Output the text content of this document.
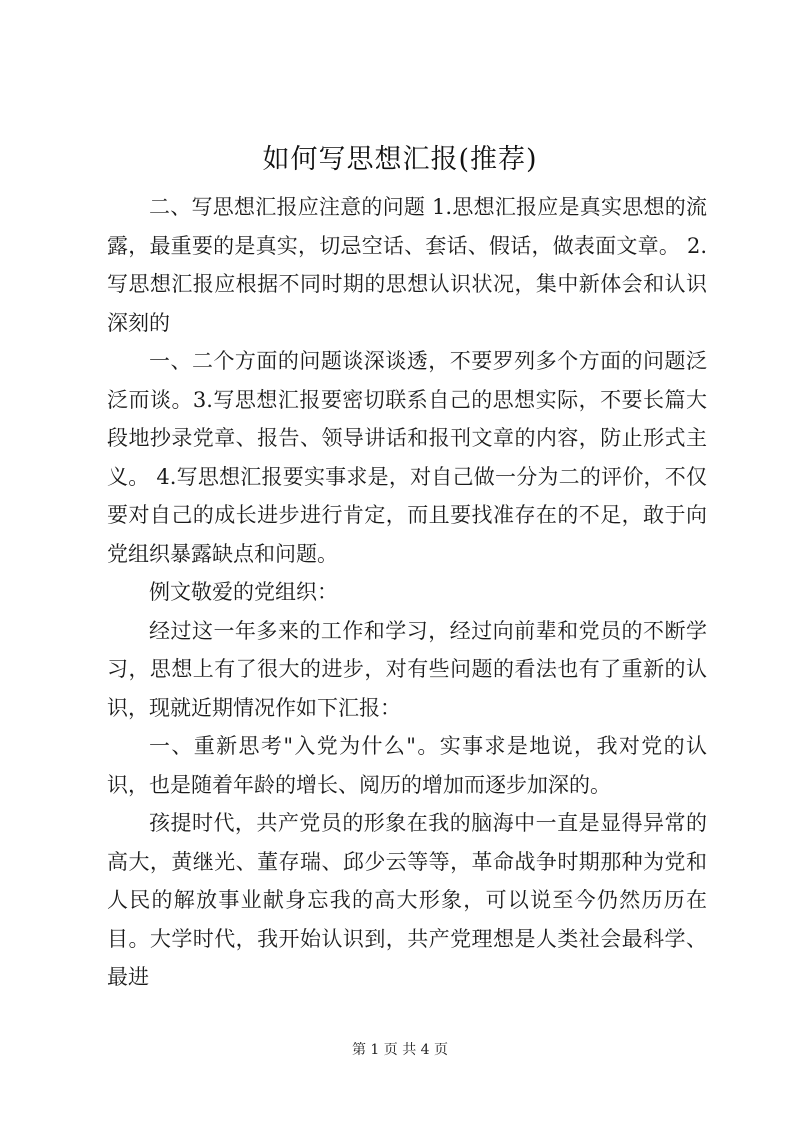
如何写思想汇报(推荐)

二、写思想汇报应注意的问题 1.思想汇报应是真实思想的流露，最重要的是真实，切忌空话、套话、假话，做表面文章。 2.写思想汇报应根据不同时期的思想认识状况，集中新体会和认识深刻的

一、二个方面的问题谈深谈透，不要罗列多个方面的问题泛泛而谈。3.写思想汇报要密切联系自己的思想实际，不要长篇大段地抄录党章、报告、领导讲话和报刊文章的内容，防止形式主义。 4.写思想汇报要实事求是，对自己做一分为二的评价，不仅要对自己的成长进步进行肯定，而且要找准存在的不足，敢于向党组织暴露缺点和问题。

例文敬爱的党组织：

经过这一年多来的工作和学习，经过向前辈和党员的不断学习，思想上有了很大的进步，对有些问题的看法也有了重新的认识，现就近期情况作如下汇报：

一、重新思考"入党为什么"。实事求是地说，我对党的认识，也是随着年龄的增长、阅历的增加而逐步加深的。

孩提时代，共产党员的形象在我的脑海中一直是显得异常的高大，黄继光、董存瑞、邱少云等等，革命战争时期那种为党和人民的解放事业献身忘我的高大形象，可以说至今仍然历历在目。大学时代，我开始认识到，共产党理想是人类社会最科学、最进

第 1 页 共 4 页
